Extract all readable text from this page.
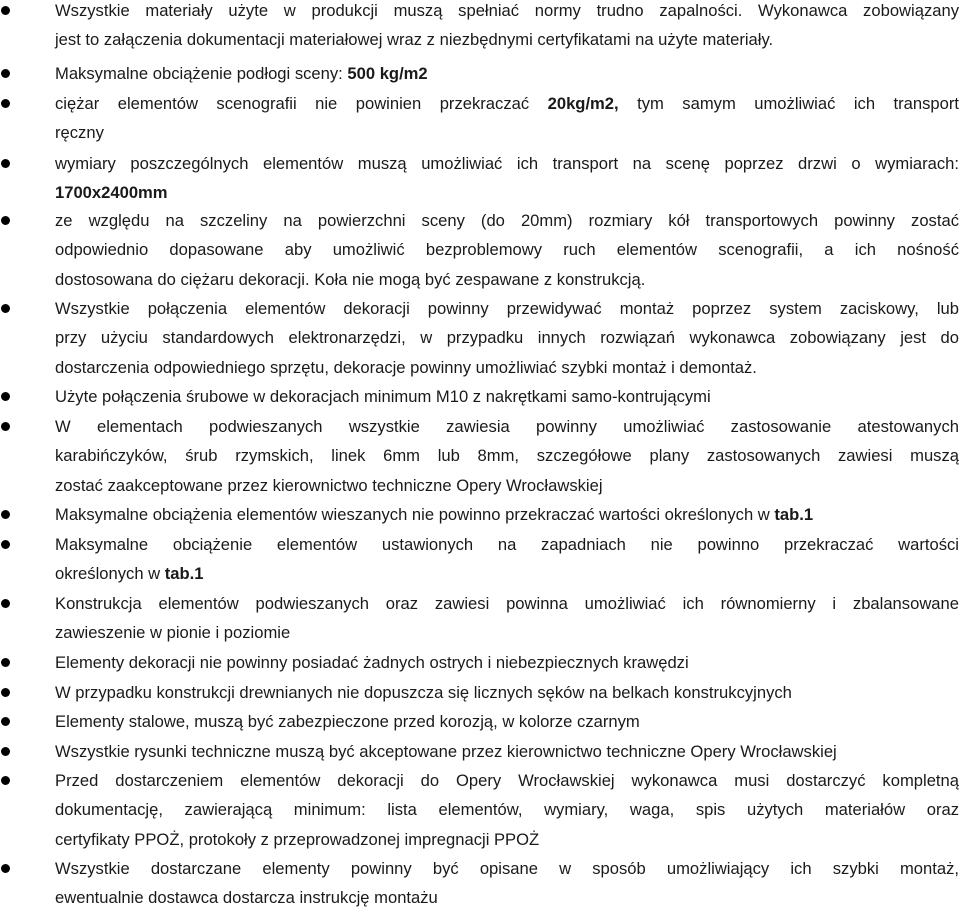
Wszystkie materiały użyte w produkcji muszą spełniać normy trudno zapalności. Wykonawca zobowiązany
jest to załączenia dokumentacji materiałowej wraz z niezbędnymi certyfikatami na użyte materiały.
Maksymalne obciążenie podłogi sceny: 500 kg/m2
ciężar elementów scenografii nie powinien przekraczać 20kg/m2, tym samym umożliwiać ich transport
ręczny
wymiary poszczególnych elementów muszą umożliwiać ich transport na scenę poprzez drzwi o wymiarach:
1700x2400mm
ze względu na szczeliny na powierzchni sceny (do 20mm) rozmiary kół transportowych powinny zostać
odpowiednio dopasowane aby umożliwić bezproblemowy ruch elementów scenografii, a ich nośność
dostosowana do ciężaru dekoracji. Koła nie mogą być zespawane z konstrukcją.
Wszystkie połączenia elementów dekoracji powinny przewidywać montaż poprzez system zaciskowy, lub
przy użyciu standardowych elektronarzędzi, w przypadku innych rozwiązań wykonawca zobowiązany jest do
dostarczenia odpowiedniego sprzętu, dekoracje powinny umożliwiać szybki montaż i demontaż.
Użyte połączenia śrubowe w dekoracjach minimum M10 z nakrętkami samo-kontrującymi
W elementach podwieszanych wszystkie zawiesia powinny umożliwiać zastosowanie atestowanych
karabińczyków, śrub rzymskich, linek 6mm lub 8mm, szczegółowe plany zastosowanych zawiesi muszą
zostać zaakceptowane przez kierownictwo techniczne Opery Wrocławskiej
Maksymalne obciążenia elementów wieszanych nie powinno przekraczać wartości określonych w tab.1
Maksymalne obciążenie elementów ustawionych na zapadniach nie powinno przekraczać wartości
określonych w tab.1
Konstrukcja elementów podwieszanych oraz zawiesi powinna umożliwiać ich równomierny i zbalansowane
zawieszenie w pionie i poziomie
Elementy dekoracji nie powinny posiadać żadnych ostrych i niebezpiecznych krawędzi
W przypadku konstrukcji drewnianych nie dopuszcza się licznych sęków na belkach konstrukcyjnych
Elementy stalowe, muszą być zabezpieczone przed korozją, w kolorze czarnym
Wszystkie rysunki techniczne muszą być akceptowane przez kierownictwo techniczne Opery Wrocławskiej
Przed dostarczeniem elementów dekoracji do Opery Wrocławskiej wykonawca musi dostarczyć kompletną
dokumentację, zawierającą minimum: lista elementów, wymiary, waga, spis użytych materiałów oraz
certyfikaty PPOŻ, protokoły z przeprowadzonej impregnacji PPOŻ
Wszystkie dostarczane elementy powinny być opisane w sposób umożliwiający ich szybki montaż,
ewentualnie dostawca dostarcza instrukcję montażu
